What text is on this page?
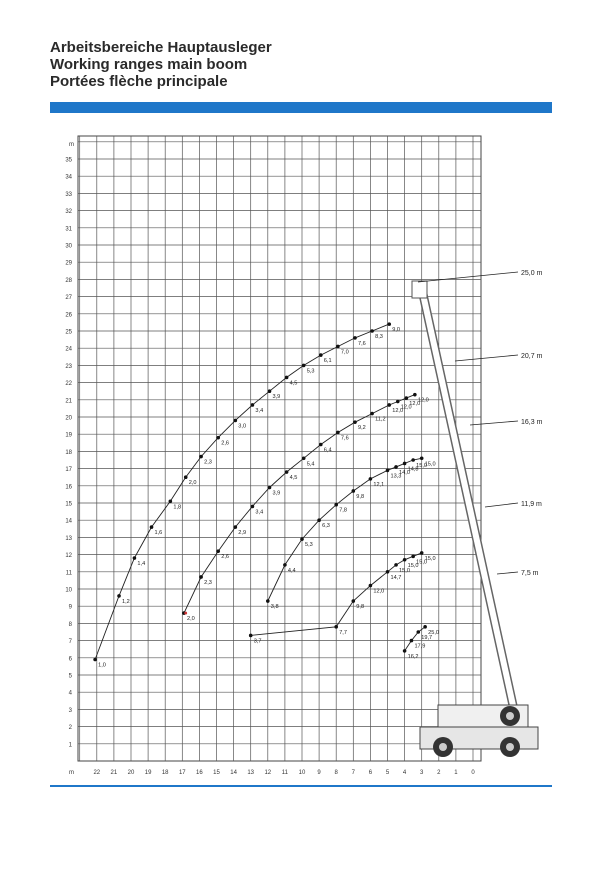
Arbeitsbereiche Hauptausleger
Working ranges main boom
Portées flèche principale
1
2
3
4
5
6
7
8
9
10
11
12
13
14
15
16
17
18
19
20
21
22
23
24
25
26
27
28
29
30
31
32
33
34
35
22 21 20 19 18 17 16 15 14 13 12 11 10 9 8 7 6 5 4 3 2 1 0
m
m
1,0
1,2
1,4
1,6
1,8
2,0
2,3
2,6
3,0
3,4
3,9
4,5
5,3
6,1
7,0
7,6
8,3
9,0
2,0
2,3
2,6
2,9
3,4
3,9
4,5
5,4
6,4
7,6
9,2
11,2
12,0
12,0
12,0
12,0
3,8
4,4
5,3
6,3
7,8
9,8
12,1
13,3
14,0
14,8
15,0
15,0
3,7
7,7
9,8
12,0
14,7
15,0
15,0
15,0
15,0
16,2
17,9
19,7
25,0
25,0 m
20,7 m
16,3 m
11,9 m
7,5 m
